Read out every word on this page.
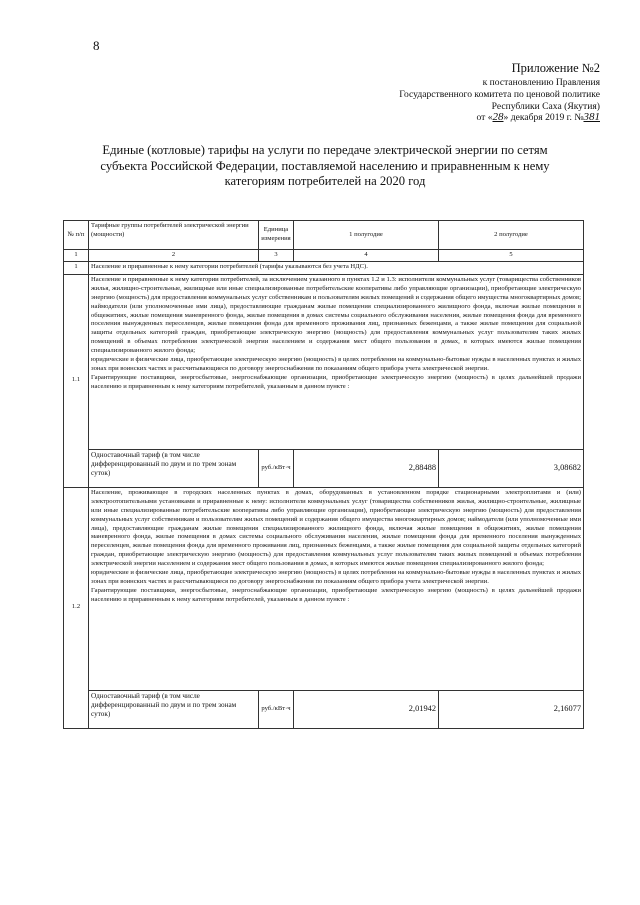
8
Приложение №2
к постановлению Правления
Государственного комитета по ценовой политике
Республики Саха (Якутия)
от «28» декабря 2019 г. №381
Единые (котловые) тарифы на услуги по передаче электрической энергии по сетям субъекта Российской Федерации, поставляемой населению и приравненным к нему категориям потребителей на 2020 год
№ п/п	Тарифные группы потребителей электрической энергии (мощности)	Единица измерения	1 полугодие	2 полугодие
1	2	3	4	5
1	Население и приравненные к нему категории потребителей (тарифы указываются без учета НДС).			
1.1	Население и приравненные к нему категории потребителей, за исключением указанного в пунктах 1.2 и 1.3: исполнители коммунальных услуг (товарищества собственников жилья, жилищно-строительные, жилищные или иные специализированные потребительские кооперативы либо управляющие организации), приобретающие электрическую энергию (мощность) для предоставления коммунальных услуг собственникам и пользователям жилых помещений и содержания общего имущества многоквартирных домов; наймодатели (или уполномоченные ими лица), предоставляющие гражданам жилые помещения специализированного жилищного фонда, включая жилые помещения в общежитиях, жилые помещения маневренного фонда, жилые помещения в домах системы социального обслуживания населения, жилые помещения фонда для временного поселения вынужденных переселенцев, жилые помещения фонда для временного проживания лиц, признанных беженцами, а также жилые помещения для социальной защиты отдельных категорий граждан, приобретающие электрическую энергию (мощность) для предоставления коммунальных услуг пользователям таких жилых помещений в объемах потребления электрической энергии населением и содержания мест общего пользования в домах, в которых имеются жилые помещения специализированного жилого фонда;

юридические и физические лица, приобретающие электрическую энергию (мощность) в целях потребления на коммунально-бытовые нужды в населенных пунктах и жилых зонах при воинских частях и рассчитывающиеся по договору энергоснабжения по показаниям общего прибора учета электрической энергии.

Гарантирующие поставщики, энергосбытовые, энергоснабжающие организации, приобретающие электрическую энергию (мощность) в целях дальнейшей продажи населению и приравненным к нему категориям потребителей, указанным в данном пункте :			

	Одноставочный тариф (в том числе дифференцированный по двум и по трем зонам суток)	руб./кВт·ч	2,88488	3,08682
1.2	Население, проживающее в городских населенных пунктах в домах, оборудованных в установленном порядке стационарными электроплитами и (или) электроотопительными установками и приравненные к нему: исполнители коммунальных услуг (товарищества собственников жилья, жилищно-строительные, жилищные или иные специализированные потребительские кооперативы либо управляющие организации), приобретающие электрическую энергию (мощность) для предоставления коммунальных услуг собственникам и пользователям жилых помещений и содержания общего имущества многоквартирных домов; наймодатели (или уполномоченные ими лица), предоставляющие гражданам жилые помещения специализированного жилищного фонда, включая жилые помещения в общежитиях, жилые помещения маневренного фонда, жилые помещения в домах системы социального обслуживания населения, жилые помещения фонда для временного поселения вынужденных переселенцев, жилые помещения фонда для временного проживания лиц, признанных беженцами, а также жилые помещения для социальной защиты отдельных категорий граждан, приобретающие электрическую энергию (мощность) для предоставления коммунальных услуг пользователям таких жилых помещений в объемах потребления электрической энергии населением и содержания мест общего пользования в домах, в которых имеются жилые помещения специализированного жилого фонда;

юридические и физические лица, приобретающие электрическую энергию (мощность) в целях потребления на коммунально-бытовые нужды в населенных пунктах и жилых зонах при воинских частях и рассчитывающиеся по договору энергоснабжения по показаниям общего прибора учета электрической энергии.

Гарантирующие поставщики, энергосбытовые, энергоснабжающие организации, приобретающие электрическую энергию (мощность) в целях дальнейшей продажи населению и приравненным к нему категориям потребителей, указанным в данном пункте :			

	Одноставочный тариф (в том числе дифференцированный по двум и по трем зонам суток)	руб./кВт·ч	2,01942	2,16077
